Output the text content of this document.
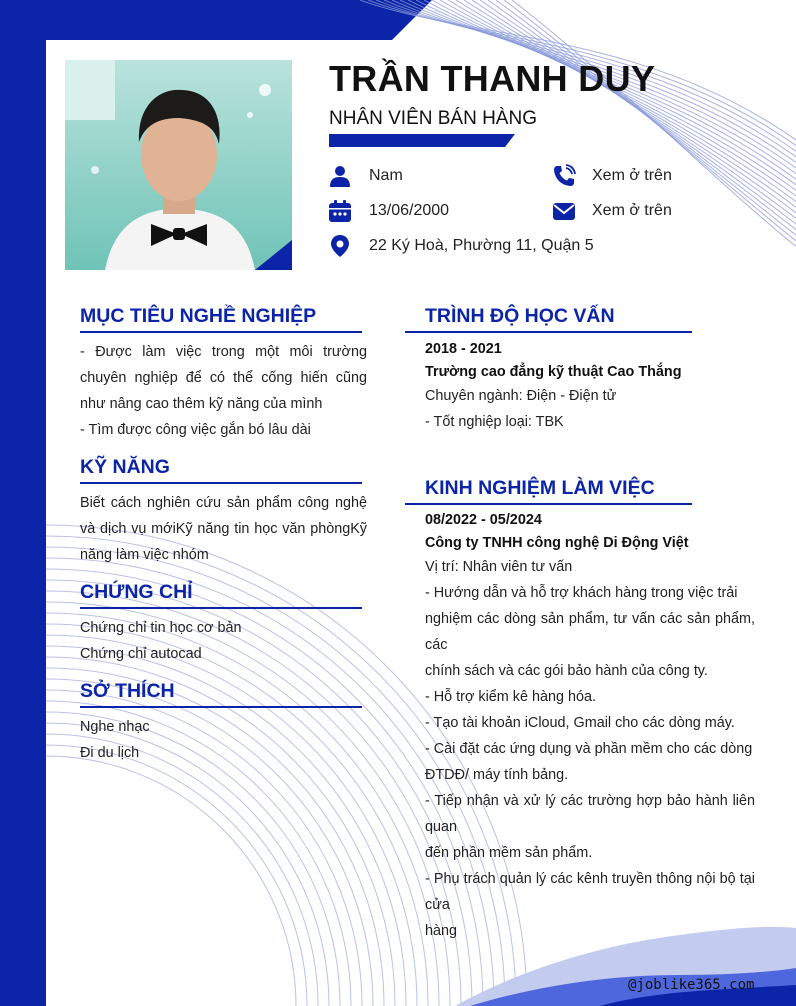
TRẦN THANH DUY
NHÂN VIÊN BÁN HÀNG
Nam	Xem ở trên
13/06/2000	Xem ở trên
22 Ký Hoà, Phường 11, Quận 5
MỤC TIÊU NGHỀ NGHIỆP

- Được làm việc trong một môi trường chuyên nghiệp để có thể cống hiến cũng như nâng cao thêm kỹ năng của mình

- Tìm được công việc gắn bó lâu dài

KỸ NĂNG
Biết cách nghiên cứu sản phẩm công nghệ và dịch vụ mớiKỹ năng tin học văn phòngKỹ năng làm việc nhóm
CHỨNG CHỈ

Chứng chỉ tin học cơ bản

Chứng chỉ autocad

SỞ THÍCH

Nghe nhạc

Đi du lịch

TRÌNH ĐỘ HỌC VẤN

2018 - 2021

Trường cao đẳng kỹ thuật Cao Thắng

Chuyên ngành: Điện - Điện tử

- Tốt nghiệp loại: TBK

KINH NGHIỆM LÀM VIỆC

08/2022 - 05/2024

Công ty TNHH công nghệ Di Động Việt

Vị trí: Nhân viên tư vấn

- Hướng dẫn và hỗ trợ khách hàng trong việc trải

nghiệm các dòng sản phẩm, tư vấn các sản phẩm, các

chính sách và các gói bảo hành của công ty.

- Hỗ trợ kiểm kê hàng hóa.

- Tạo tài khoản iCloud, Gmail cho các dòng máy.

- Cài đặt các ứng dụng và phần mềm cho các dòng

ĐTDĐ/ máy tính bảng.

- Tiếp nhận và xử lý các trường hợp bảo hành liên quan

đến phần mềm sản phẩm.

- Phụ trách quản lý các kênh truyền thông nội bộ tại cửa

hàng

@joblike365.com
